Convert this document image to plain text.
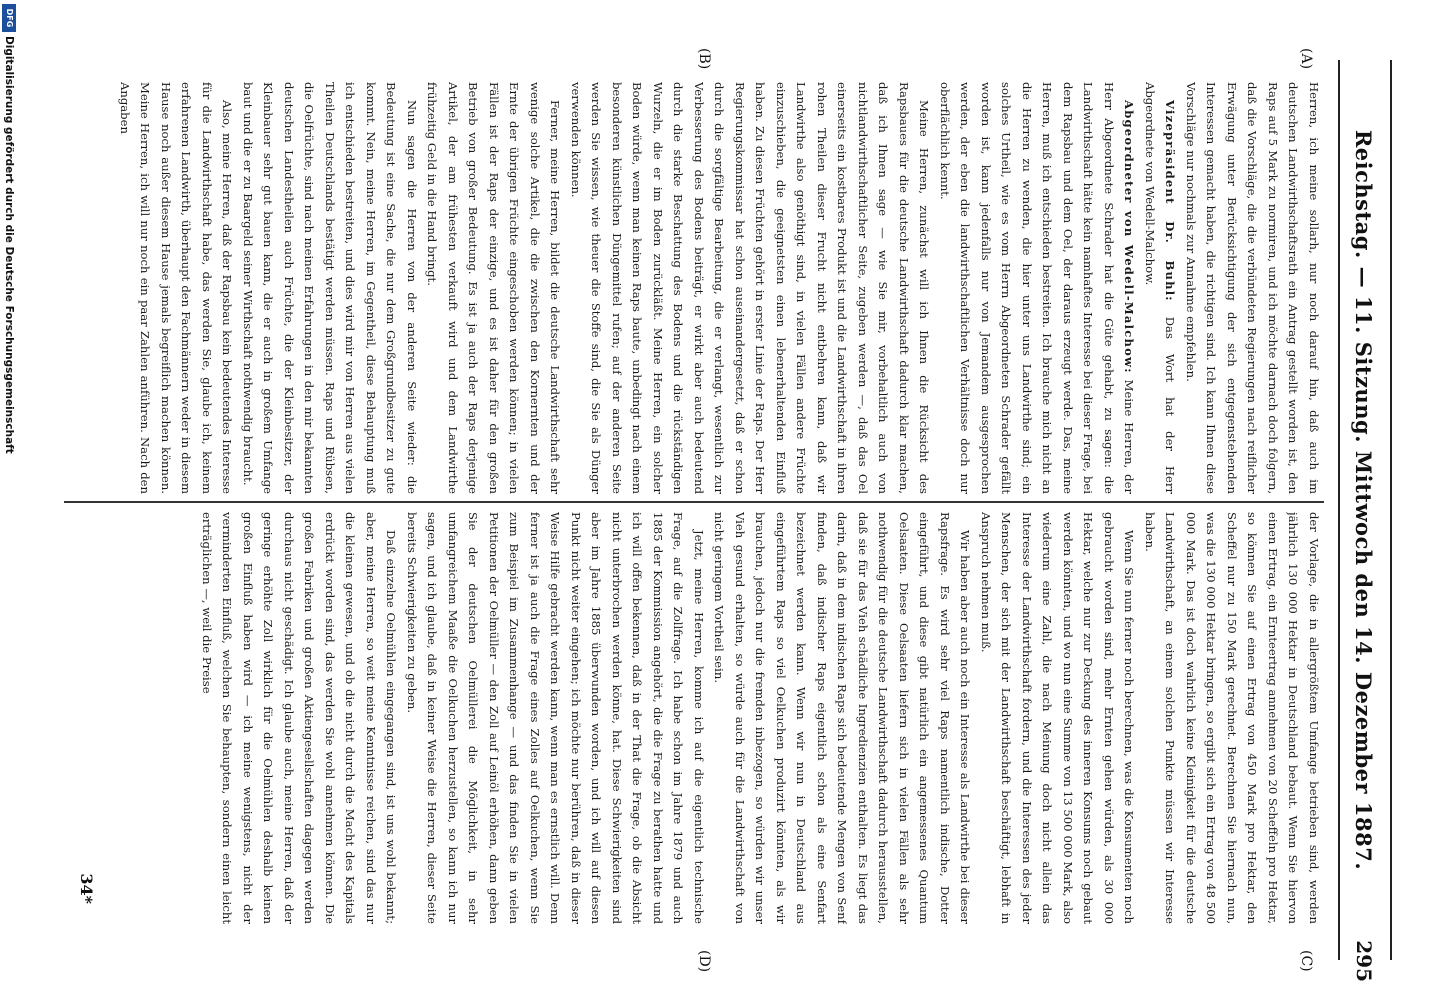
Reichstag. — 11. Sitzung. Mittwoch den 14. Dezember 1887.
295
(A)
(B)
(C)
(D)

Herren, ich meine sollarh, nur noch darauf hin, daß auch im deutschen Landwirthschaftsrath ein Antrag gestellt worden ist, den Raps auf 5 Mark zu normiren, und ich möchte darnach doch folgern, daß die Vorschläge, die die verbündeten Regierungen nach reiflicher Erwägung unter Berücksichtigung der sich entgegenstehenden Interessen gemacht haben, die richtigen sind. Ich kann Ihnen diese Vorschläge nur nochmals zur Annahme empfehlen.

Vizepräsident Dr. Buhl: Das Wort hat der Herr Abgeordnete von Wedell-Malchow.

Abgeordneter von Wedell-Malchow: Meine Herren, der Herr Abgeordnete Schrader hat die Güte gehabt, zu sagen: die Landwirthschaft hätte kein namhaftes Interesse bei dieser Frage, bei dem Rapsbau und dem Oel, der daraus erzeugt werde. Das, meine Herren, muß ich entschieden bestreiten. Ich brauche mich nicht an die Herren zu wenden, die hier unter uns Landwirthe sind; ein solches Urtheil, wie es vom Herrn Abgeordneten Schrader gefällt worden ist, kann jedenfalls nur von Jemandem ausgesprochen werden, der eben die landwirthschaftlichen Verhältnisse doch nur oberflächlich kennt.

Meine Herren, zunächst will ich Ihnen die Rücksicht des Rapsbaues für die deutsche Landwirthschaft dadurch klar machen, daß ich Ihnen sage — wie Sie mir, vorbehaltlich auch von nichtlandwirthschaftlicher Seite, zugeben werden —, daß das Oel einerseits ein kostbares Produkt ist und die Landwirthschaft in ihren rohen Theilen dieser Frucht nicht entbehren kann, daß wir Landwirthe also genöthigt sind, in vielen Fällen andere Früchte einzuschieben, die geeignetsten einen lebenerhaltenden Einfluß haben. Zu diesen Früchten gehört in erster Linie der Raps. Der Herr Regierungskommissar hat schon auseinandergesetzt, daß er schon durch die sorgfältige Bearbeitung, die er verlangt, wesentlich zur Verbesserung des Bodens beiträgt, er wirkt aber auch bedeutend durch die starke Beschattung des Bodens und die rückständigen Wurzeln, die er im Boden zurückläßt. Meine Herren, ein solcher Boden würde, wenn man keinen Raps baute, unbedingt nach einem besonderen künstlichen Düngemittel rufen; auf der anderen Seite werden Sie wissen, wie theuer die Stoffe sind, die Sie als Dünger verwenden können.

Ferner, meine Herren, bildet die deutsche Landwirthschaft sehr wenige solche Artikel, die die zwischen den Kornernten und der Ernte der übrigen Früchte eingeschoben werden können; in vielen Fällen ist der Raps der einzige, und es ist daher für den großen Betrieb von großer Bedeutung. Es ist ja auch der Raps derjenige Artikel, der am frühesten verkauft wird und dem Landwirthe frühzeitig Geld in die Hand bringt.

Nun sagen die Herren von der anderen Seite wieder: die Bedeutung ist eine Sache, die nur dem Großgrundbesitzer zu gute kommt. Nein, meine Herren, im Gegentheil, diese Behauptung muß ich entschieden bestreiten, und dies wird mir von Herren aus vielen Theilen Deutschlands bestätigt werden müssen. Raps und Rübsen, die Oelfrüchte, sind nach meinen Erfahrungen in den mir bekannten deutschen Landestheilen auch Früchte, die der Kleinbesitzer, der Kleinbauer sehr gut bauen kann, die er auch in großem Umfange baut und die er zu Baargeld seiner Wirthschaft nothwendig braucht.

Also, meine Herren, daß der Rapsbau kein bedeutendes Interesse für die Landwirthschaft habe, das werden Sie, glaube ich, keinem erfahrenen Landwirth, überhaupt den Fachmännern weder in diesem Hause noch außer diesem Hause jemals begreiflich machen können. Meine Herren, ich will nur noch ein paar Zahlen anführen. Nach den Angaben

der Vorlage, die in allergrößtem Umfange betrieben sind, werden jährlich 130 000 Hektar in Deutschland bebaut. Wenn Sie hiervon einen Ertrag, ein Ernteertrag annehmen von 20 Scheffeln pro Hektar, so können Sie auf einen Ertrag von 450 Mark pro Hektar, den Scheffel nur zu 150 Mark gerechnet. Berechnen Sie hiernach nun, was die 130 000 Hektar bringen, so ergibt sich ein Ertrag von 48 500 000 Mark. Das ist doch wahrlich keine Kleinigkeit für die deutsche Landwirthschaft, an einem solchen Punkte müssen wir Interesse haben.

Wenn Sie nun ferner noch berechnen, was die Konsumenten noch gebraucht worden sind, mehr Ernten gehen würden, als 30 000 Hektar, welche nur zur Deckung des inneren Konsums noch gebaut werden könnten, und wo nun eine Summe von 13 500 000 Mark, also wiederum eine Zahl, die nach Meinung doch nicht allein das Interesse der Landwirthschaft fordern, und die Interessen des jeder Menschen, der sich mit der Landwirthschaft beschäftigt, lebhaft in Anspruch nehmen muß.

Wir haben aber auch noch ein Interesse als Landwirthe bei dieser Rapsfrage. Es wird sehr viel Raps namentlich indische, Dotter eingeführt, und diese gibt natürlich ein angemessenes Quantum Oelsaaten. Diese Oelsaaten liefern sich in vielen Fällen als sehr nothwendig für die deutsche Landwirthschaft dadurch herausstellen, daß sie für das Vieh schädliche Ingredienzien enthalten. Es liegt das darin, daß in dem indischen Raps sich bedeutende Mengen von Senf finden, daß indischer Raps eigentlich schon als eine Senfart bezeichnet werden kann. Wenn wir nun in Deutschland aus eingeführtem Raps so viel Oelkuchen produzirt könnten, als wir brauchen, jedoch nur die fremden inbezogen, so würden wir unser Vieh gesund erhalten, so würde auch für die Landwirthschaft von nicht geringem Vortheil sein.

Jetzt, meine Herren, komme ich auf die eigentlich technische Frage, auf die Zollfrage. Ich habe schon im Jahre 1879 und auch 1885 der Kommission angehört, die die Frage zu berathen hatte und ich will offen bekennen, daß in der That die Frage, ob die Absicht nicht unterbrochen werden könne, hat. Diese Schwierigkeiten sind aber im Jahre 1885 überwunden worden, und ich will auf diesen Punkt nicht weiter eingehen; ich möchte nur berühren, daß in dieser Weise Hilfe gebracht werden kann, wenn man es ernstlich will. Denn ferner ist ja auch die Frage eines Zolles auf Oelkuchen, wenn Sie zum Beispiel im Zusammenhange — und das finden Sie in vielen Petitionen der Oelmüller — den Zoll auf Leinöl erhöhen, dann geben Sie der deutschen Oelmüllerei die Möglichkeit, in sehr umfangreichem Maaße die Oelkuchen herzustellen, so kann ich nur sagen, und ich glaube, daß in keiner Weise die Herren, dieser Seite bereits Schwierigkeiten zu geben.

Daß einzelne Oelmühlen eingegangen sind, ist uns wohl bekannt; aber, meine Herren, so weit meine Kenntnisse reichen, sind das nur die kleinen gewesen, und ob die nicht durch die Macht des Kapitals erdrückt worden sind, das werden Sie wohl annehmen können. Die großen Fabriken und großen Aktiengesellschaften dagegen werden durchaus nicht geschädigt. Ich glaube auch, meine Herren, daß der geringe erhöhte Zoll wirklich für die Oelmühlen deshalb keinen großen Einfluß haben wird — ich meine wenigstens, nicht der verminderten Einfluß, welchen Sie behaupten, sondern einen leicht erträglichen —, weil die Preise

34*
DFG
Digitalisierung gefördert durch die Deutsche Forschungsgemeinschaft
